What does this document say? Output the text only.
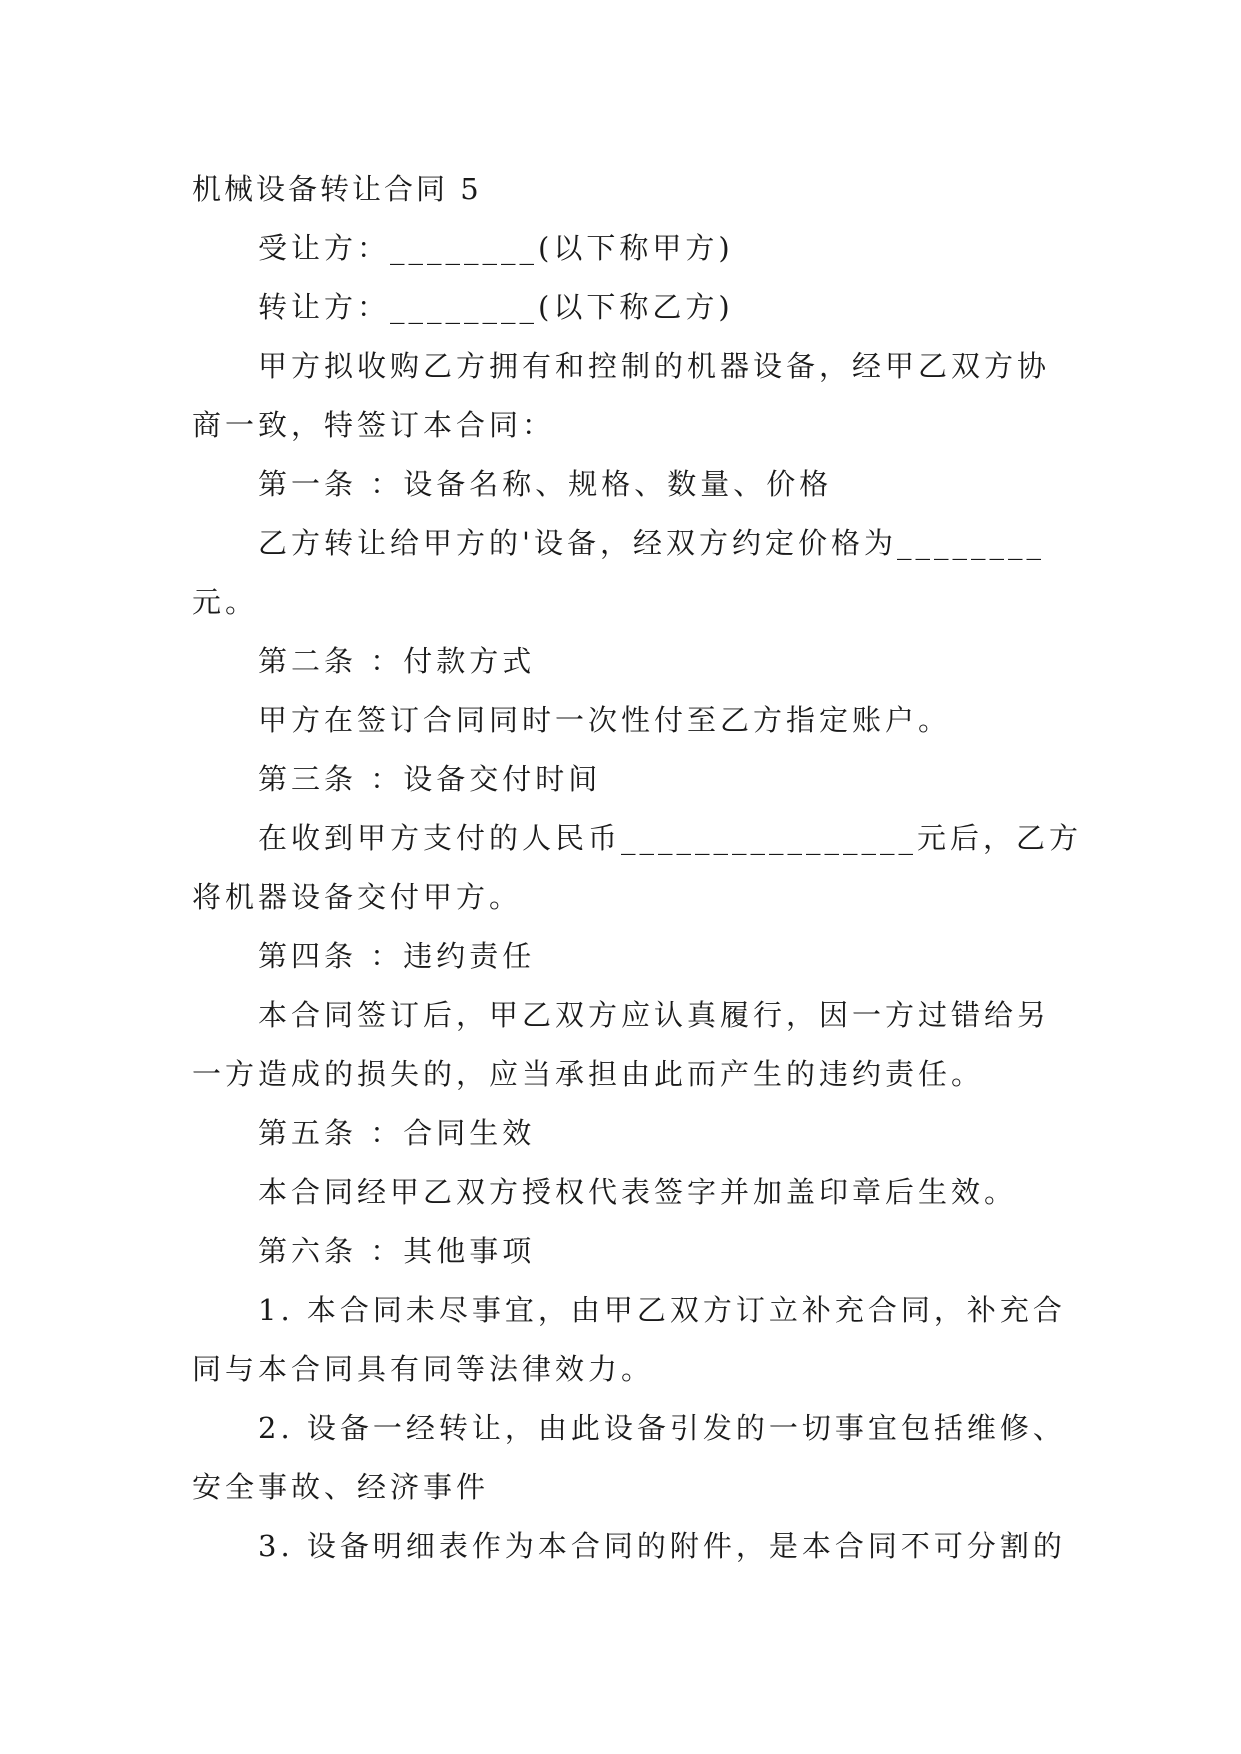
机械设备转让合同 5

受让方：________(以下称甲方)

转让方：________(以下称乙方)

甲方拟收购乙方拥有和控制的机器设备，经甲乙双方协

商一致，特签订本合同：

第一条 ：设备名称、规格、数量、价格

乙方转让给甲方的'设备，经双方约定价格为________

元。

第二条 ：付款方式

甲方在签订合同同时一次性付至乙方指定账户。

第三条 ：设备交付时间

在收到甲方支付的人民币________________元后，乙方

将机器设备交付甲方。

第四条 ：违约责任

本合同签订后，甲乙双方应认真履行，因一方过错给另

一方造成的损失的，应当承担由此而产生的违约责任。

第五条 ：合同生效

本合同经甲乙双方授权代表签字并加盖印章后生效。

第六条 ：其他事项

1. 本合同未尽事宜，由甲乙双方订立补充合同，补充合

同与本合同具有同等法律效力。

2. 设备一经转让，由此设备引发的一切事宜包括维修、

安全事故、经济事件

3. 设备明细表作为本合同的附件，是本合同不可分割的
